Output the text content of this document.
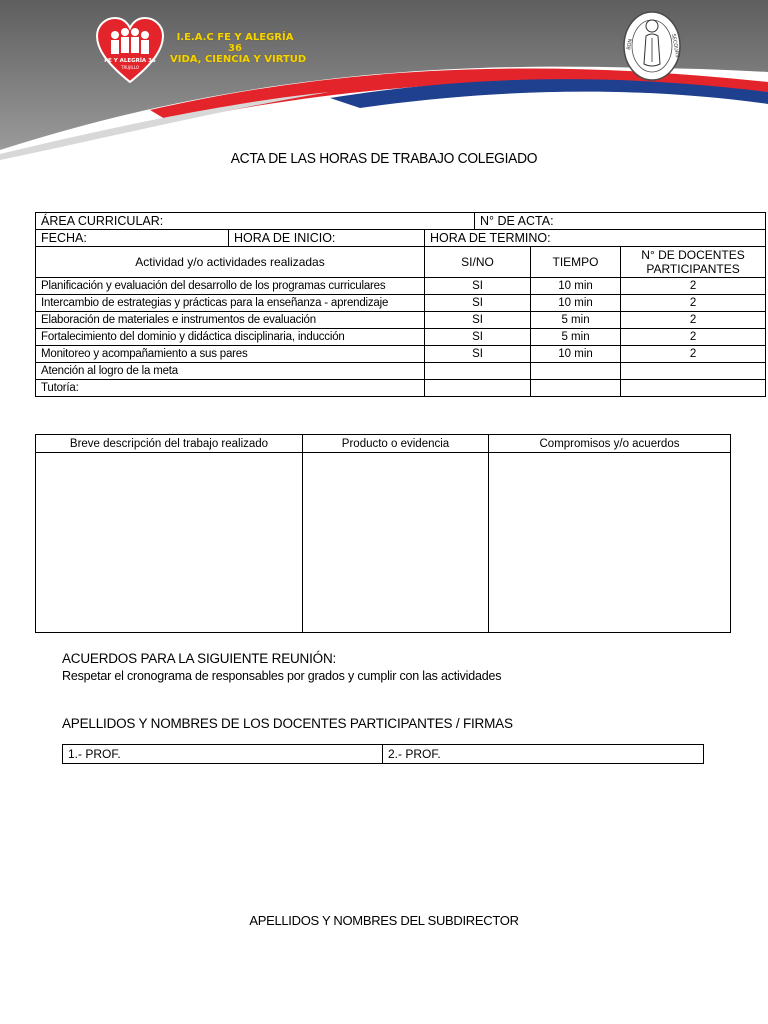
FE Y ALEGRÍA 36
TRUJILLO
I.E.A.C FE Y ALEGRÍA
36
VIDA, CIENCIA Y VIRTUD
BON	SECOURS
ACTA DE LAS HORAS DE TRABAJO COLEGIADO
ÁREA CURRICULAR:			N° DE ACTA:		
FECHA:	HORA DE INICIO:	HORA DE TERMINO:			
Actividad y/o actividades realizadas		SI/NO		TIEMPO	N° DE DOCENTES PARTICIPANTES
Planificación y evaluación del desarrollo de los programas curriculares		SI		10 min	2
Intercambio de estrategias y prácticas para la enseñanza - aprendizaje		SI		10 min	2
Elaboración de materiales e instrumentos de evaluación		SI		5 min	2
Fortalecimiento del dominio y didáctica disciplinaria, inducción		SI		5 min	2
Monitoreo y acompañamiento a sus pares		SI		10 min	2
Atención al logro de la meta					
Tutoría:					
Breve descripción del trabajo realizado	Producto o evidencia	Compromisos y/o acuerdos

ACUERDOS PARA LA SIGUIENTE REUNIÓN:
Respetar el cronograma de responsables por grados y cumplir con las actividades
APELLIDOS Y NOMBRES DE LOS DOCENTES PARTICIPANTES / FIRMAS
1.- PROF.	2.- PROF.
APELLIDOS Y NOMBRES DEL SUBDIRECTOR
